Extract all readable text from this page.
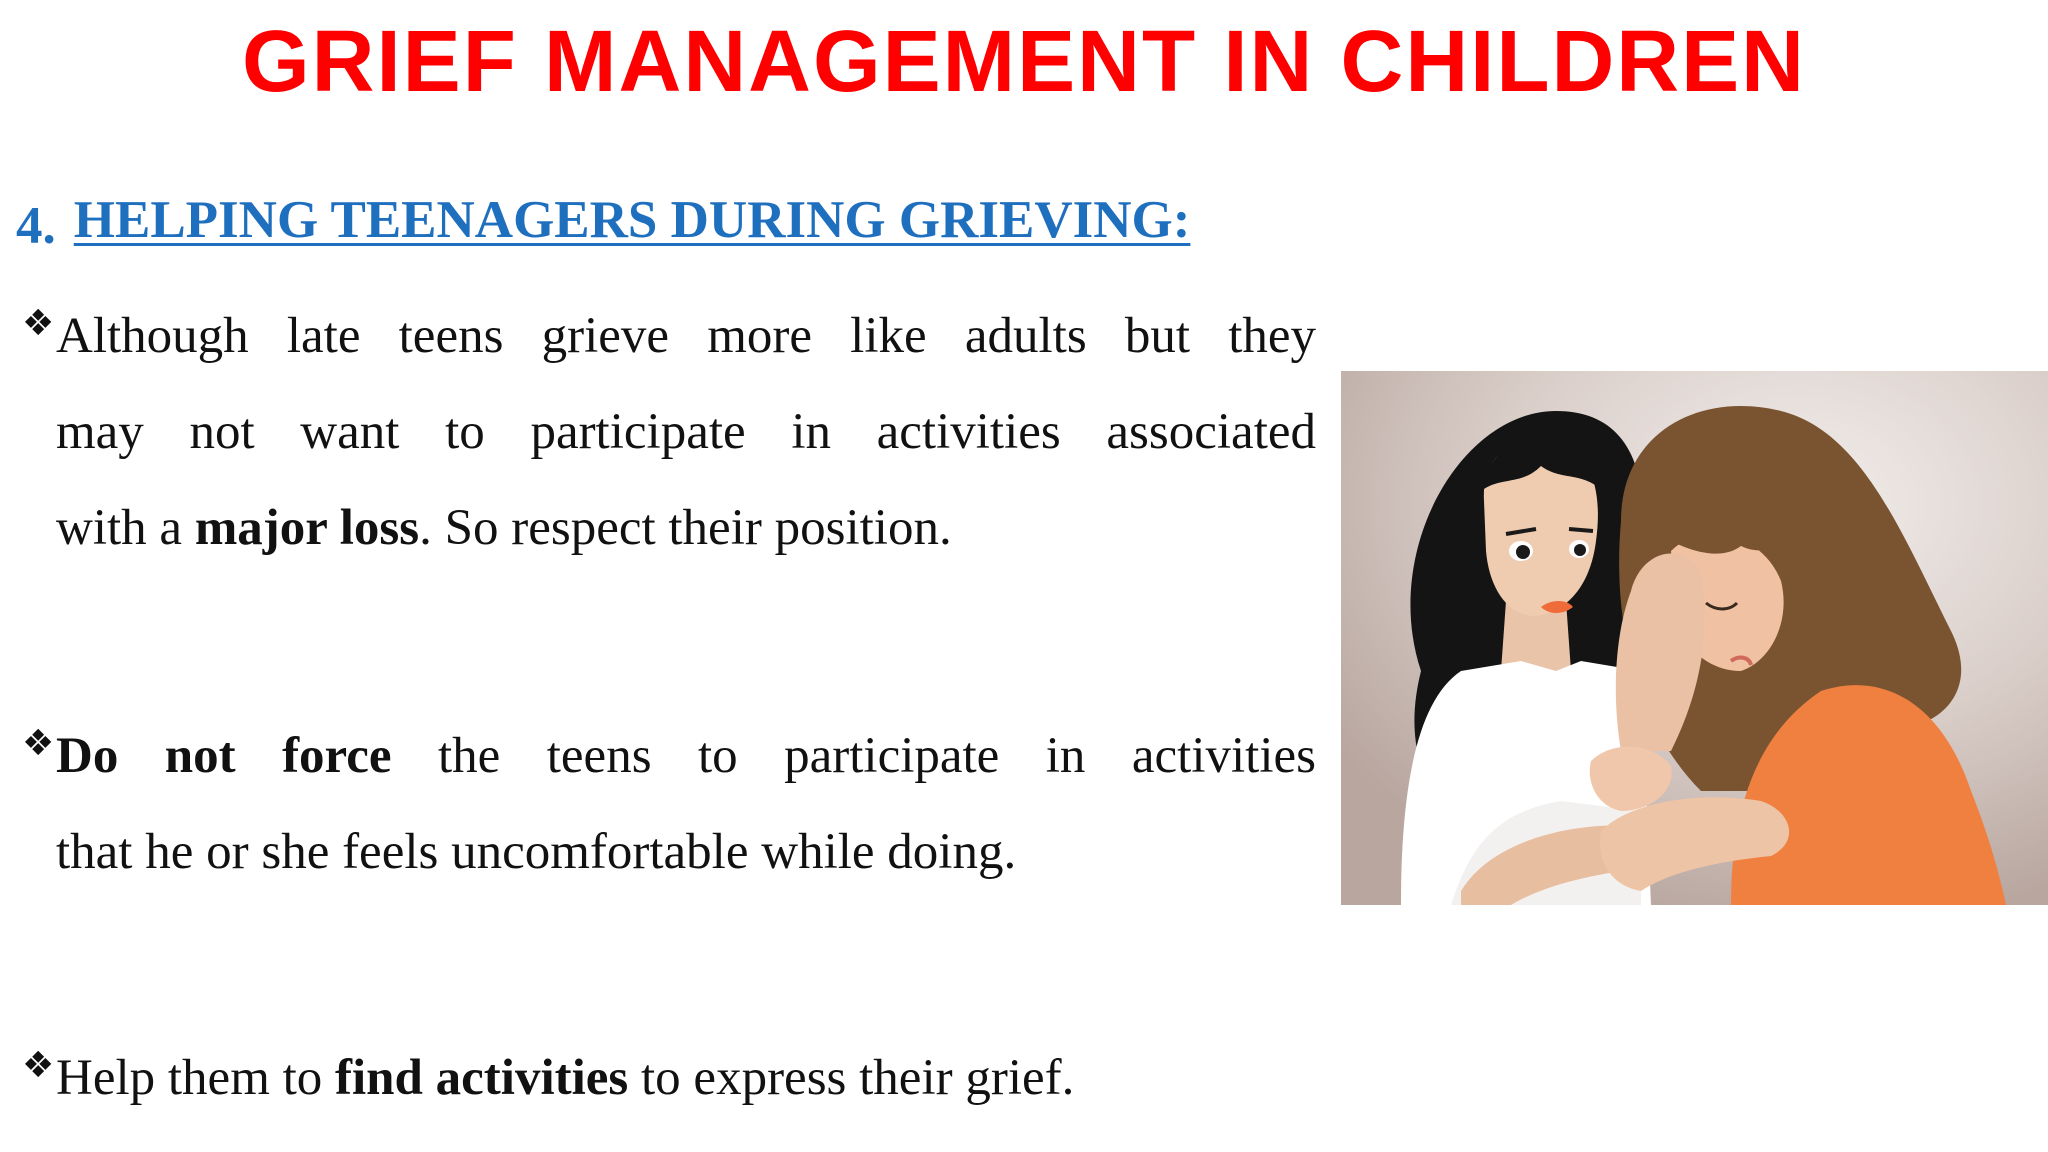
GRIEF MANAGEMENT IN CHILDREN
4. HELPING TEENAGERS DURING GRIEVING:
❖ Although late teens grieve more like adults but they
may not want to participate in activities associated
with a major loss. So respect their position.
❖ Do not force the teens to participate in activities
that he or she feels uncomfortable while doing.
❖ Help them to find activities to express their grief.
